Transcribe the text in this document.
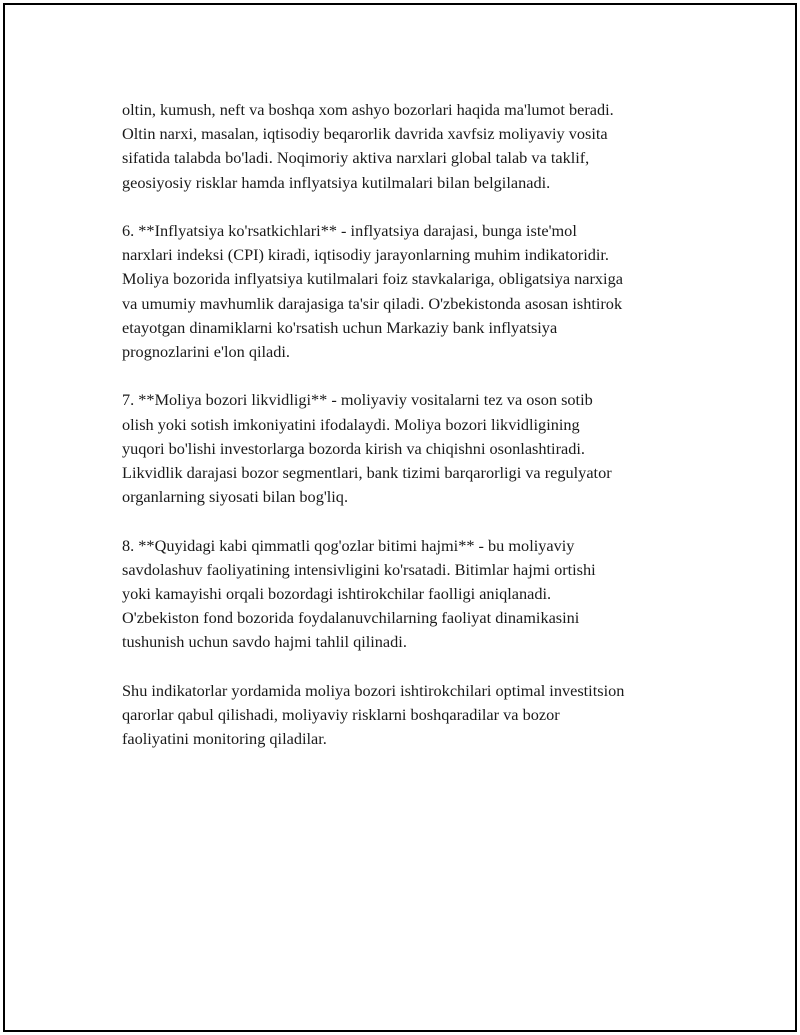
oltin, kumush, neft va boshqa xom ashyo bozorlari haqida ma'lumot beradi.
Oltin narxi, masalan, iqtisodiy beqarorlik davrida xavfsiz moliyaviy vosita
sifatida talabda bo'ladi. Noqimoriy aktiva narxlari global talab va taklif,
geosiyosiy risklar hamda inflyatsiya kutilmalari bilan belgilanadi.

6. **Inflyatsiya ko'rsatkichlari** - inflyatsiya darajasi, bunga iste'mol
narxlari indeksi (CPI) kiradi, iqtisodiy jarayonlarning muhim indikatoridir.
Moliya bozorida inflyatsiya kutilmalari foiz stavkalariga, obligatsiya narxiga
va umumiy mavhumlik darajasiga ta'sir qiladi. O'zbekistonda asosan ishtirok
etayotgan dinamiklarni ko'rsatish uchun Markaziy bank inflyatsiya
prognozlarini e'lon qiladi.

7. **Moliya bozori likvidligi** - moliyaviy vositalarni tez va oson sotib
olish yoki sotish imkoniyatini ifodalaydi. Moliya bozori likvidligining
yuqori bo'lishi investorlarga bozorda kirish va chiqishni osonlashtiradi.
Likvidlik darajasi bozor segmentlari, bank tizimi barqarorligi va regulyator
organlarning siyosati bilan bog'liq.

8. **Quyidagi kabi qimmatli qog'ozlar bitimi hajmi** - bu moliyaviy
savdolashuv faoliyatining intensivligini ko'rsatadi. Bitimlar hajmi ortishi
yoki kamayishi orqali bozordagi ishtirokchilar faolligi aniqlanadi.
O'zbekiston fond bozorida foydalanuvchilarning faoliyat dinamikasini
tushunish uchun savdo hajmi tahlil qilinadi.

Shu indikatorlar yordamida moliya bozori ishtirokchilari optimal investitsion
qarorlar qabul qilishadi, moliyaviy risklarni boshqaradilar va bozor
faoliyatini monitoring qiladilar.
